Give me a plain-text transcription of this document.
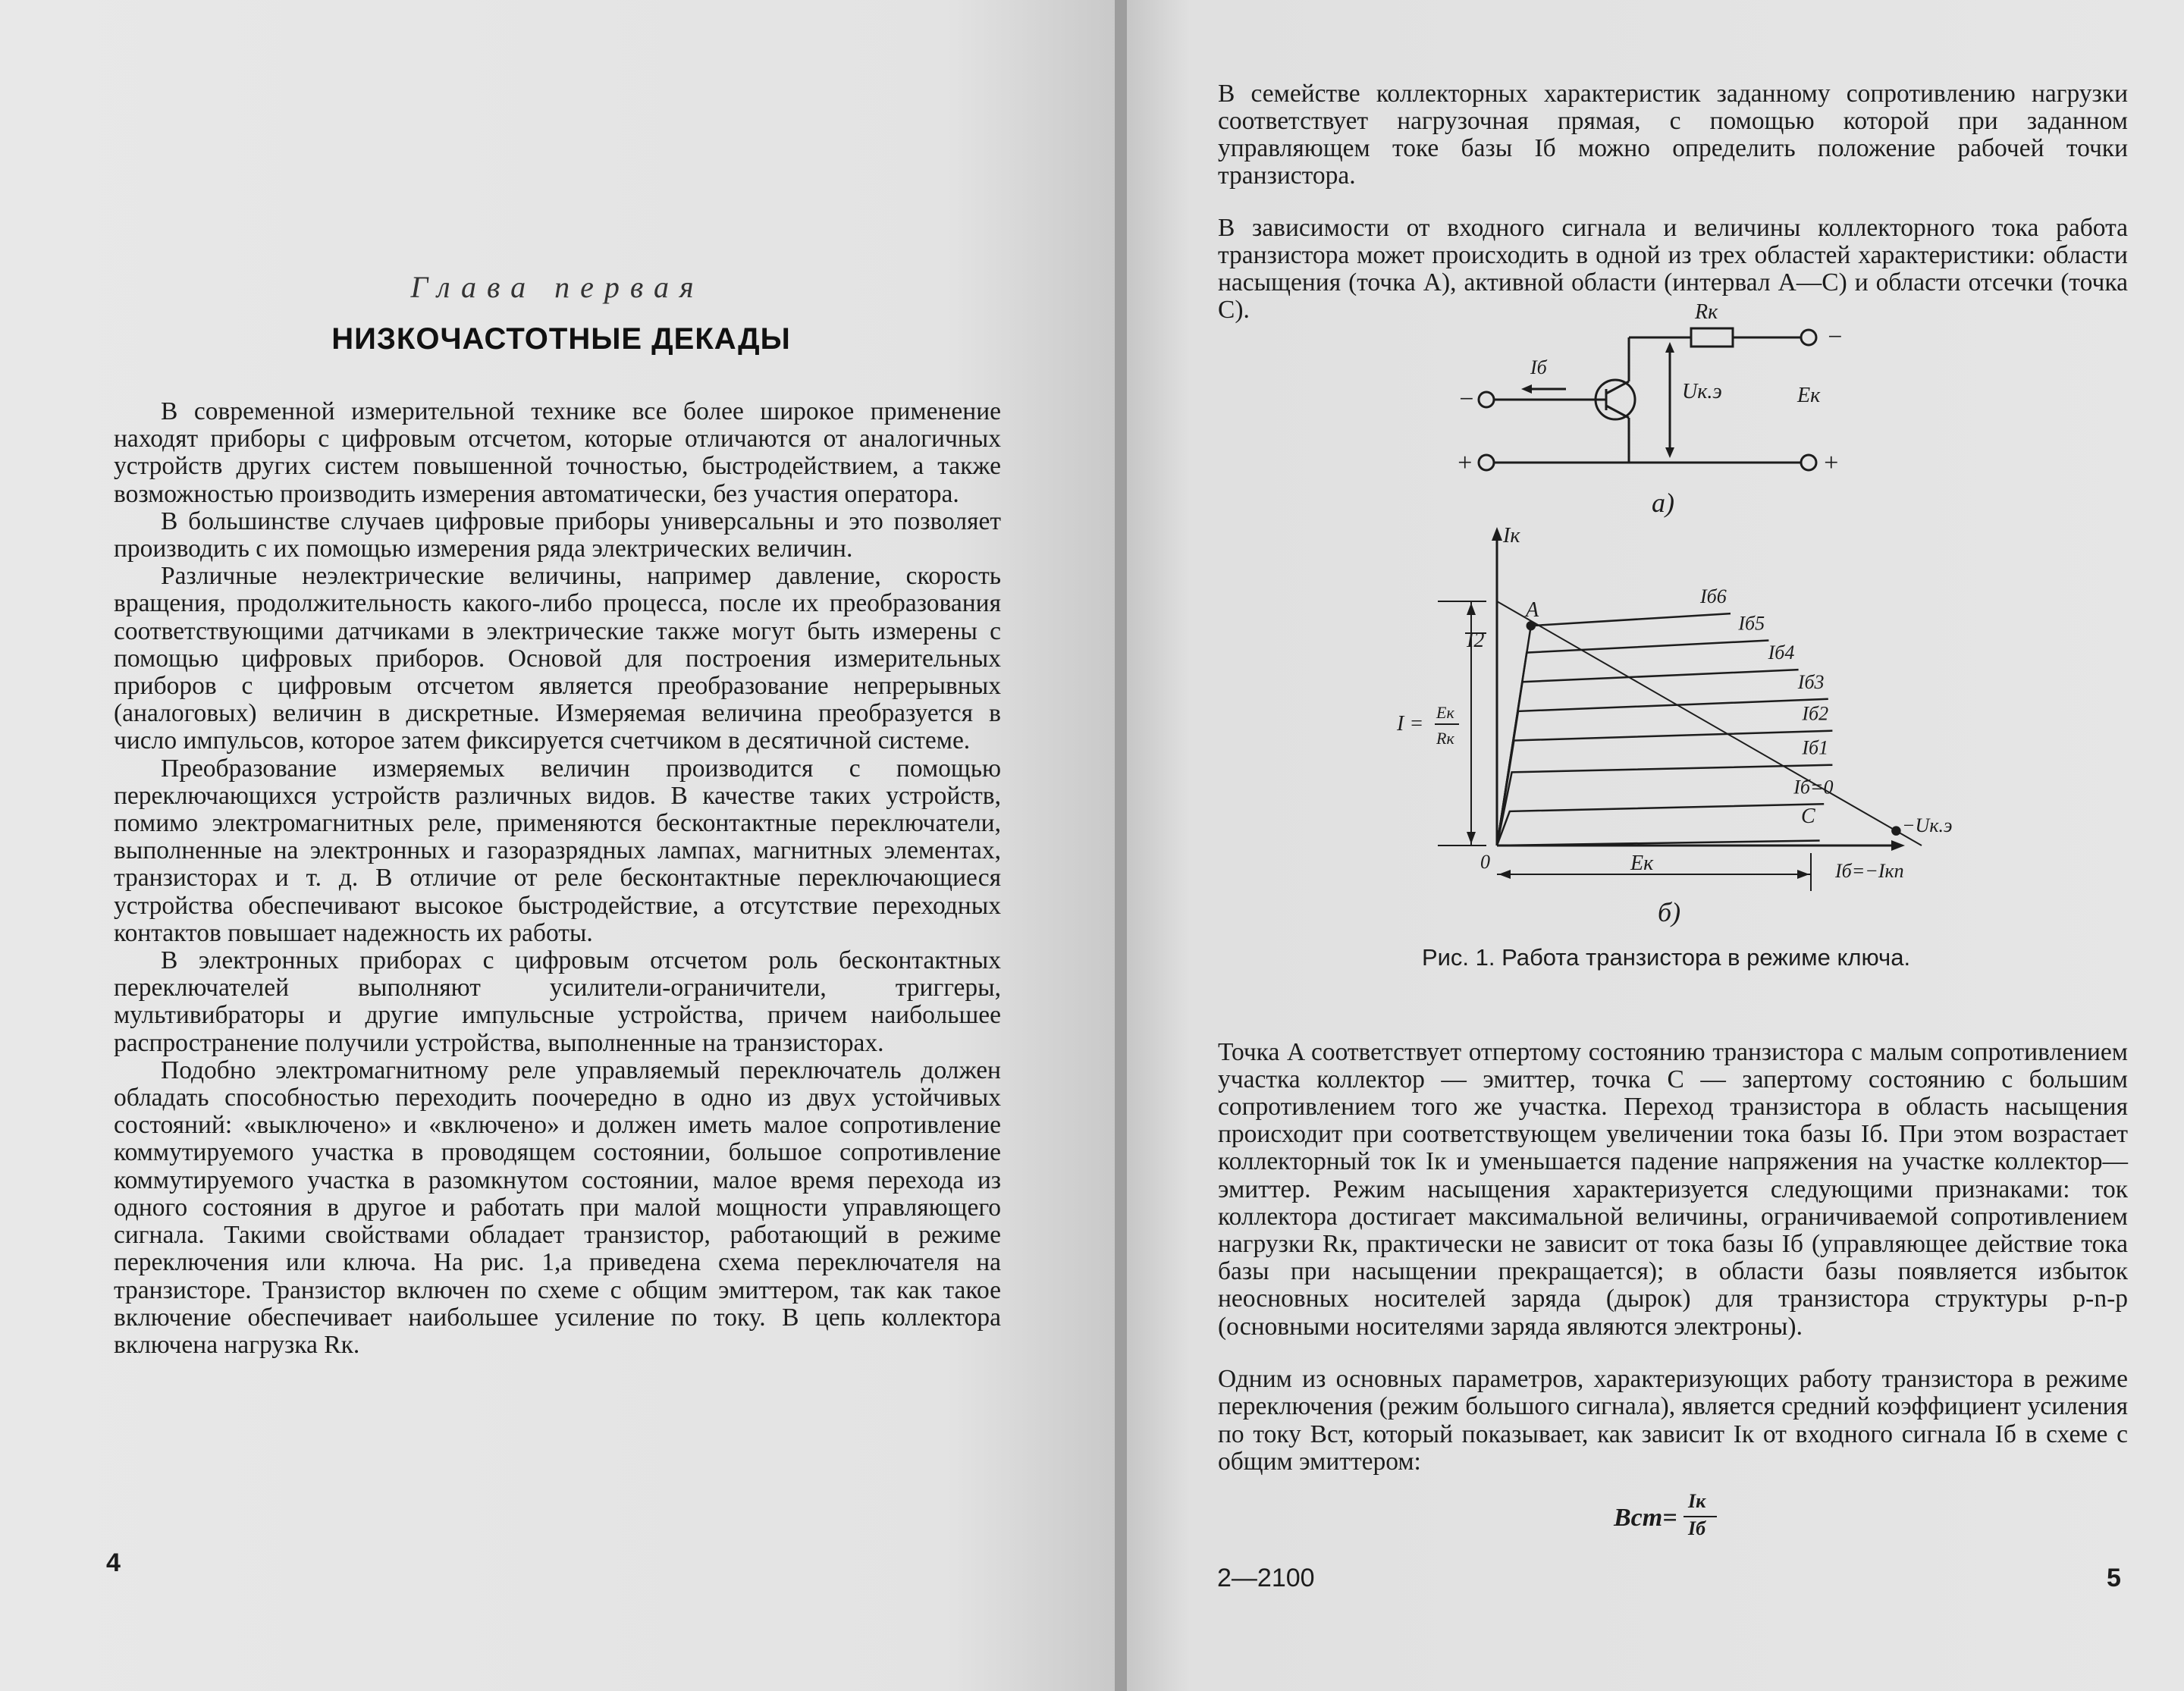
Глава первая
НИЗКОЧАСТОТНЫЕ ДЕКАДЫ

В современной измерительной технике все более широкое применение находят приборы с цифровым отсчетом, которые отличаются от аналогичных устройств других систем повышенной точностью, быстродействием, а также возможностью производить измерения автоматически, без участия оператора.

В большинстве случаев цифровые приборы универсальны и это позволяет производить с их помощью измерения ряда электрических величин.

Различные неэлектрические величины, например давление, скорость вращения, продолжительность какого-либо процесса, после их преобразования соответствующими датчиками в электрические также могут быть измерены с помощью цифровых приборов. Основой для построения измерительных приборов с цифровым отсчетом является преобразование непрерывных (аналоговых) величин в дискретные. Измеряемая величина преобразуется в число импульсов, которое затем фиксируется счетчиком в десятичной системе.

Преобразование измеряемых величин производится с помощью переключающихся устройств различных видов. В качестве таких устройств, помимо электромагнитных реле, применяются бесконтактные переключатели, выполненные на электронных и газоразрядных лампах, магнитных элементах, транзисторах и т. д. В отличие от реле бесконтактные переключающиеся устройства обеспечивают высокое быстродействие, а отсутствие переходных контактов повышает надежность их работы.

В электронных приборах с цифровым отсчетом роль бесконтактных переключателей выполняют усилители-ограничители, триггеры, мультивибраторы и другие импульсные устройства, причем наибольшее распространение получили устройства, выполненные на транзисторах.

Подобно электромагнитному реле управляемый переключатель должен обладать способностью переходить поочередно в одно из двух устойчивых состояний: «выключено» и «включено» и должен иметь малое сопротивление коммутируемого участка в проводящем состоянии, большое сопротивление коммутируемого участка в разомкнутом состоянии, малое время перехода из одного состояния в другое и работать при малой мощности управляющего сигнала. Такими свойствами обладает транзистор, работающий в режиме переключения или ключа. На рис. 1,а приведена схема переключателя на транзисторе. Транзистор включен по схеме с общим эмиттером, так как такое включение обеспечивает наибольшее усиление по току. В цепь коллектора включена нагрузка Rк.

4

В семействе коллекторных характеристик заданному сопротивлению нагрузки соответствует нагрузочная прямая, с помощью которой при заданном управляющем токе базы Iб можно определить положение рабочей точки транзистора.

В зависимости от входного сигнала и величины коллекторного тока работа транзистора может происходить в одной из трех областей характеристики: области насыщения (точка A), активной области (интервал A—C) и области отсечки (точка C).	Rк
Iб
Uк.э	Eк
−
+
−
+
а)
Iб6
Iб5
Iб4
Iб3
Iб2
Iб1
Iб=0
Iк
−Uк.э
0
A
C
I2
I = Eк
Rк
Eк	Iб=−Iкп
б)
Рис. 1. Работа транзистора в режиме ключа.

Точка A соответствует отпертому состоянию транзистора с малым сопротивлением участка коллектор — эмиттер, точка C — запертому состоянию с большим сопротивлением того же участка. Переход транзистора в область насыщения происходит при соответствующем увеличении тока базы Iб. При этом возрастает коллекторный ток Iк и уменьшается падение напряжения на участке коллектор—эмиттер. Режим насыщения характеризуется следующими признаками: ток коллектора достигает максимальной величины, ограничиваемой сопротивлением нагрузки Rк, практически не зависит от тока базы Iб (управляющее действие тока базы при насыщении прекращается); в области базы появляется избыток неосновных носителей заряда (дырок) для транзистора структуры p-n-p (основными носителями заряда являются электроны).

Одним из основных параметров, характеризующих работу транзистора в режиме переключения (режим большого сигнала), является средний коэффициент усиления по току Bст, который показывает, как зависит Iк от входного сигнала Iб в схеме с общим эмиттером:

Bст=
Iк
Iб
2—2100	5
